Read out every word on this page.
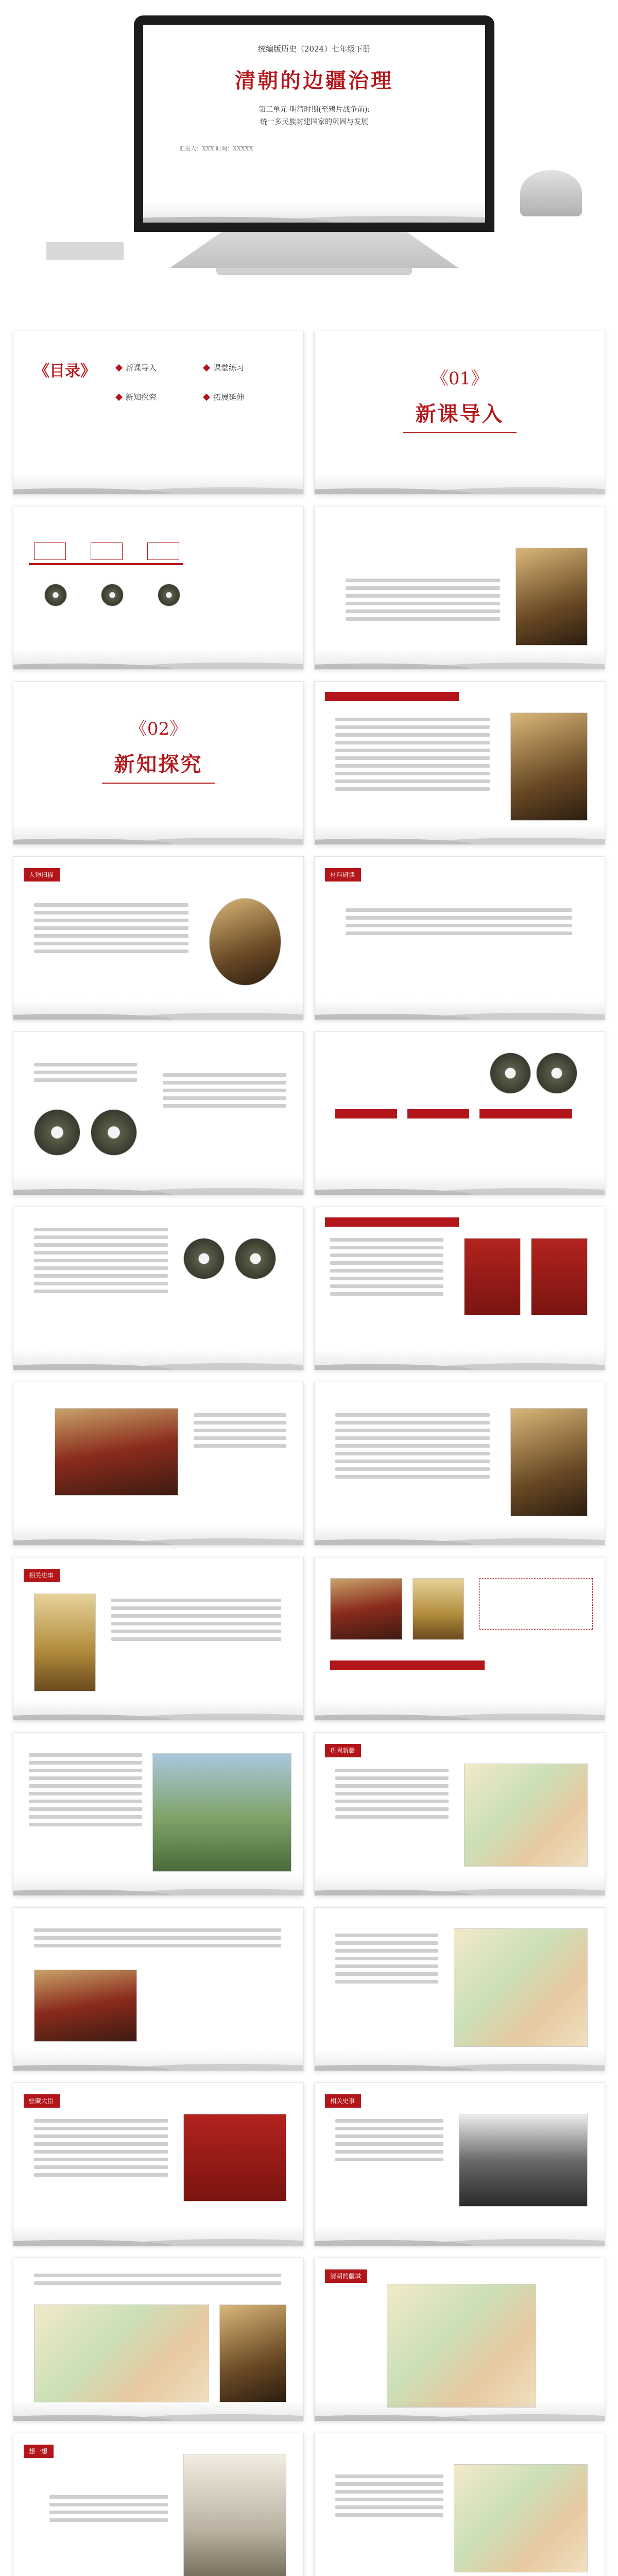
统编版历史（2024）七年级下册
清朝的边疆治理
第三单元 明清时期(至鸦片战争前):
统一多民族封建国家的巩固与发展
汇报人：XXX 时间：XXXXX
《目录》	新课导入	课堂练习
新知探究	拓展延伸
《01》
新课导入
《02》
新知探究
人物扫描	材料研读
相关史事
巩固新疆
驻藏大臣	相关史事
清朝的疆域
想一想
